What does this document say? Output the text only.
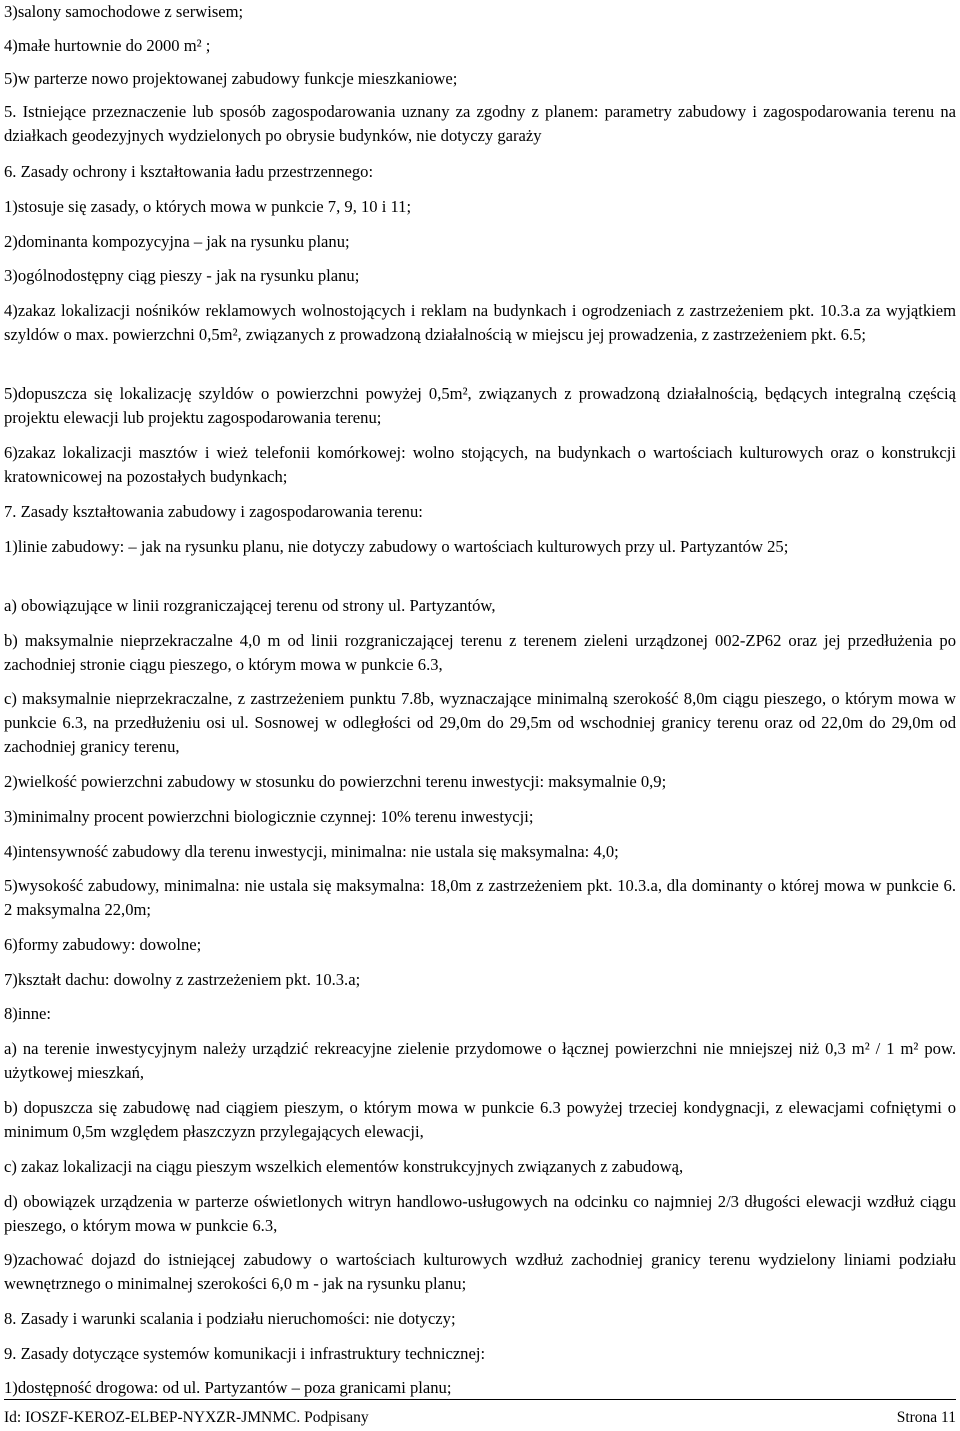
3)salony samochodowe z serwisem;

4)małe hurtownie do 2000 m² ;

5)w parterze nowo projektowanej zabudowy funkcje mieszkaniowe;

5. Istniejące przeznaczenie lub sposób zagospodarowania uznany za zgodny z planem: parametry zabudowy i zagospodarowania terenu na działkach geodezyjnych wydzielonych po obrysie budynków, nie dotyczy garaży

6. Zasady ochrony i kształtowania ładu przestrzennego:

1)stosuje się zasady, o których mowa w punkcie 7, 9, 10 i 11;

2)dominanta kompozycyjna – jak na rysunku planu;

3)ogólnodostępny ciąg pieszy - jak na rysunku planu;

4)zakaz lokalizacji nośników reklamowych wolnostojących i reklam na budynkach i ogrodzeniach z zastrzeżeniem pkt. 10.3.a za wyjątkiem szyldów o max. powierzchni 0,5m², związanych z prowadzoną działalnością w miejscu jej prowadzenia, z zastrzeżeniem pkt. 6.5;

5)dopuszcza się lokalizację szyldów o powierzchni powyżej 0,5m², związanych z prowadzoną działalnością, będących integralną częścią projektu elewacji lub projektu zagospodarowania terenu;

6)zakaz lokalizacji masztów i wież telefonii komórkowej: wolno stojących, na budynkach o wartościach kulturowych oraz o konstrukcji kratownicowej na pozostałych budynkach;

7. Zasady kształtowania zabudowy i zagospodarowania terenu:

1)linie zabudowy: – jak na rysunku planu, nie dotyczy zabudowy o wartościach kulturowych przy ul. Partyzantów 25;

a) obowiązujące w linii rozgraniczającej terenu od strony ul. Partyzantów,

b) maksymalnie nieprzekraczalne 4,0 m od linii rozgraniczającej terenu z terenem zieleni urządzonej 002-ZP62 oraz jej przedłużenia po zachodniej stronie ciągu pieszego, o którym mowa w punkcie 6.3,

c) maksymalnie nieprzekraczalne, z zastrzeżeniem punktu 7.8b, wyznaczające minimalną szerokość 8,0m ciągu pieszego, o którym mowa w punkcie 6.3, na przedłużeniu osi ul. Sosnowej w odległości od 29,0m do 29,5m od wschodniej granicy terenu oraz od 22,0m do 29,0m od zachodniej granicy terenu,

2)wielkość powierzchni zabudowy w stosunku do powierzchni terenu inwestycji: maksymalnie 0,9;

3)minimalny procent powierzchni biologicznie czynnej: 10% terenu inwestycji;

4)intensywność zabudowy dla terenu inwestycji, minimalna: nie ustala się maksymalna: 4,0;

5)wysokość zabudowy, minimalna: nie ustala się maksymalna: 18,0m z zastrzeżeniem pkt. 10.3.a, dla dominanty o której mowa w punkcie 6. 2 maksymalna 22,0m;

6)formy zabudowy: dowolne;

7)kształt dachu: dowolny z zastrzeżeniem pkt. 10.3.a;

8)inne:

a) na terenie inwestycyjnym należy urządzić rekreacyjne zielenie przydomowe o łącznej powierzchni nie mniejszej niż 0,3 m² / 1 m² pow. użytkowej mieszkań,

b) dopuszcza się zabudowę nad ciągiem pieszym, o którym mowa w punkcie 6.3 powyżej trzeciej kondygnacji, z elewacjami cofniętymi o minimum 0,5m względem płaszczyzn przylegających elewacji,

c) zakaz lokalizacji na ciągu pieszym wszelkich elementów konstrukcyjnych związanych z zabudową,

d) obowiązek urządzenia w parterze oświetlonych witryn handlowo-usługowych na odcinku co najmniej 2/3 długości elewacji wzdłuż ciągu pieszego, o którym mowa w punkcie 6.3,

9)zachować dojazd do istniejącej zabudowy o wartościach kulturowych wzdłuż zachodniej granicy terenu wydzielony liniami podziału wewnętrznego o minimalnej szerokości 6,0 m - jak na rysunku planu;

8. Zasady i warunki scalania i podziału nieruchomości: nie dotyczy;

9. Zasady dotyczące systemów komunikacji i infrastruktury technicznej:

1)dostępność drogowa: od ul. Partyzantów – poza granicami planu;

Id: IOSZF-KEROZ-ELBEP-NYXZR-JMNMC. Podpisany	Strona 11
